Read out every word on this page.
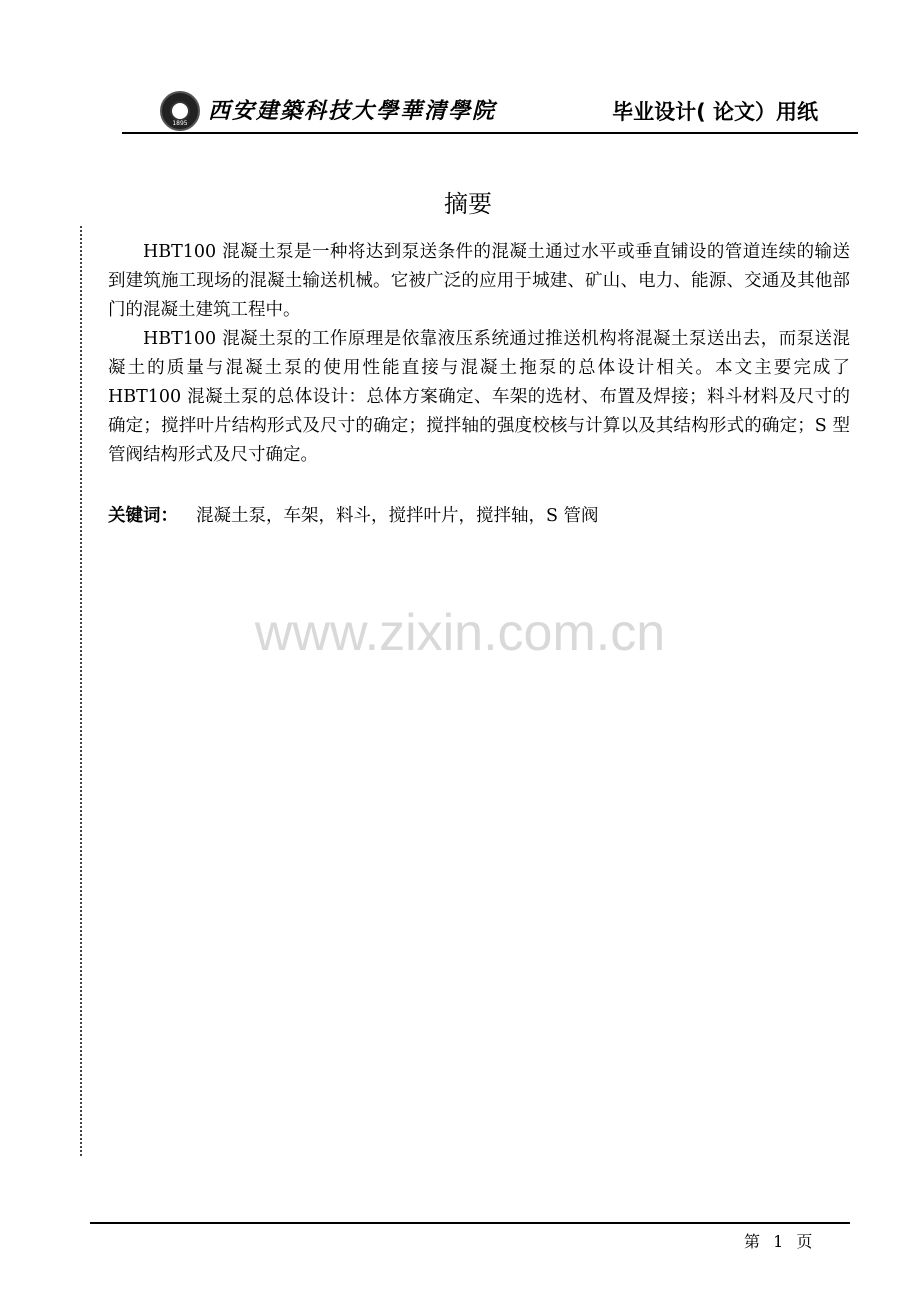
1895 西安建築科技大學華清學院	毕业设计( 论文）用纸
摘要

HBT100 混凝土泵是一种将达到泵送条件的混凝土通过水平或垂直铺设的管道连续的输送到建筑施工现场的混凝土输送机械。它被广泛的应用于城建、矿山、电力、能源、交通及其他部门的混凝土建筑工程中。

HBT100 混凝土泵的工作原理是依靠液压系统通过推送机构将混凝土泵送出去，而泵送混凝土的质量与混凝土泵的使用性能直接与混凝土拖泵的总体设计相关。本文主要完成了 HBT100 混凝土泵的总体设计：总体方案确定、车架的选材、布置及焊接；料斗材料及尺寸的确定；搅拌叶片结构形式及尺寸的确定；搅拌轴的强度校核与计算以及其结构形式的确定；S 型管阀结构形式及尺寸确定。

关键词： 混凝土泵，车架，料斗，搅拌叶片，搅拌轴，S 管阀
www.zixin.com.cn
第 1 页
